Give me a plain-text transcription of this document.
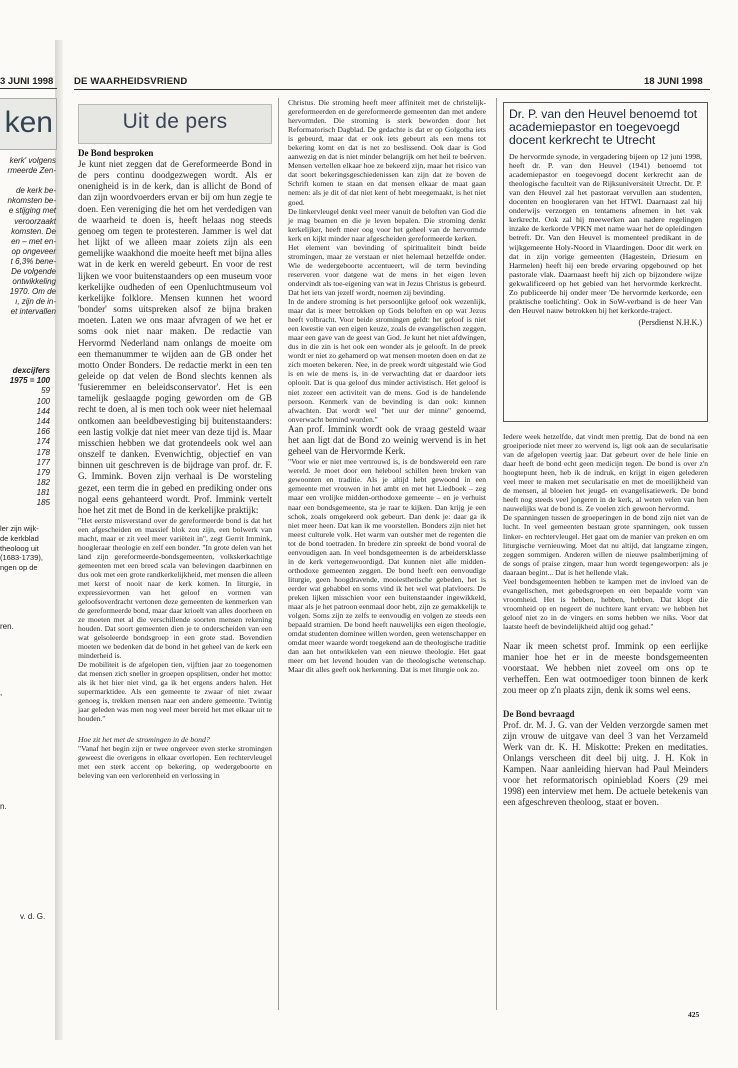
3 JUNI 1998
ken
kerk' volgens
rmeerde Zen-
de kerk be-
nkomsten be-
e stijging met
veroorzaakt
komsten. De
en – met en-
op ongeveer
t 6,3% bene-
De volgende
ontwikkeling
1970. Om de
ı, zijn de in-
et intervallen
dexcijfers
1975 = 100
59
100
144
144
166
174
178
177
179
182
181
185
ler zijn wijk-
de kerkblad
theoloog uit
(1683-1739),
ngen op de
ren.
,
n.
v. d. G.
DE WAARHEIDSVRIEND	18 JUNI 1998
Uit de pers
De Bond besproken

Je kunt niet zeggen dat de Gereformeerde Bond in de pers continu doodgezwegen wordt. Als er onenigheid is in de kerk, dan is allicht de Bond of dan zijn woordvoerders ervan er bij om hun zegje te doen. Een vereniging die het om het verdedigen van de waarheid te doen is, heeft helaas nog steeds genoeg om tegen te protesteren. Jammer is wel dat het lijkt of we alleen maar zoiets zijn als een gemelijke waakhond die moeite heeft met bijna alles wat in de kerk en wereld gebeurt. En voor de rest lijken we voor buitenstaanders op een museum voor kerkelijke oudheden of een Openluchtmuseum vol kerkelijke folklore. Mensen kunnen het woord 'bonder' soms uitspreken alsof ze bijna braken moeten. Laten we ons maar afvragen of we het er soms ook niet naar maken. De redactie van Hervormd Nederland nam onlangs de moeite om een themanummer te wijden aan de GB onder het motto Onder Bonders. De redactie merkt in een ten geleide op dat velen de Bond slechts kennen als 'fusieremmer en beleidsconservator'. Het is een tamelijk geslaagde poging geworden om de GB recht te doen, al is men toch ook weer niet helemaal ontkomen aan beeldbevestiging bij buitenstaanders: een lastig volkje dat niet meer van deze tijd is. Maar misschien hebben we dat grotendeels ook wel aan onszelf te danken. Evenwichtig, objectief en van binnen uit geschreven is de bijdrage van prof. dr. F. G. Immink. Boven zijn verhaal is De worsteling gezet, een term die in gebed en prediking onder ons nogal eens gehanteerd wordt. Prof. Immink vertelt hoe het zit met de Bond in de kerkelijke praktijk:

"Het eerste misverstand over de gereformeerde bond is dat het een afgescheiden en massief blok zou zijn, een bolwerk van macht, maar er zit veel meer variëteit in", zegt Gerrit Immink, hoogleraar theologie en zelf een bonder. "In grote delen van het land zijn gereformeerde-bondsgemeenten, volkskerkachtige gemeenten met een breed scala van belevingen daarbinnen en dus ook met een grote randkerkelijkheid, met mensen die alleen met kerst of nooit naar de kerk komen. In liturgie, in expressievormen van het geloof en vormen van geloofsoverdracht vertonen deze gemeenten de kenmerken van de gereformeerde bond, maar daar krioelt van alles doorheen en ze moeten met al die verschillende soorten mensen rekening houden. Dat soort gemeenten dien je te onderscheiden van een wat geïsoleerde bondsgroep in een grote stad. Bovendien moeten we bedenken dat de bond in het geheel van de kerk een minderheid is.

De mobiliteit is de afgelopen tien, vijftien jaar zo toegenomen dat mensen zich sneller in groepen opsplitsen, onder het motto: als ik het hier niet vind, ga ik het ergens anders halen. Het supermarktidee. Als een gemeente te zwaar of niet zwaar genoeg is, trekken mensen naar een andere gemeente. Twintig jaar geleden was men nog veel meer bereid het met elkaar uit te houden."

Hoe zit het met de stromingen in de bond?

"Vanaf het begin zijn er twee ongeveer even sterke stromingen geweest die overigens in elkaar overlopen. Een rechtervleugel met een sterk accent op bekering, op wedergeboorte en beleving van een verlorenheid en verlossing in

Christus. Die stroming heeft meer affiniteit met de christelijk-gereformeerden en de gereformeerde gemeenten dan met andere hervormden. Die stroming is sterk beworden door het Reformatorisch Dagblad. De gedachte is dat er op Golgotha iets is gebeurd, maar dat er ook iets gebeurt als een mens tot bekering komt en dat is net zo beslissend. Ook daar is God aanwezig en dat is niet minder belangrijk om het heil te beërven. Mensen vertellen elkaar hoe ze bekeerd zijn, maar het risico van dat soort bekeringsgeschiedenissen kan zijn dat ze boven de Schrift komen te staan en dat mensen elkaar de maat gaan nemen: als je dit of dat niet kent of hebt meegemaakt, is het niet goed.

De linkervleugel denkt veel meer vanuit de beloften van God die je mag beamen en die je leven bepalen. Die stroming denkt kerkelijker, heeft meer oog voor het geheel van de hervormde kerk en kijkt minder naar afgescheiden gereformeerde kerken.

Het element van bevinding of spiritualiteit bindt beide stromingen, maar ze verstaan er niet helemaal hetzelfde onder. Wie de wedergeboorte accentueert, wil de term bevinding reserveren voor datgene wat de mens in het eigen leven ondervindt als toe-eigening van wat in Jezus Christus is gebeurd. Dat het iets van jezelf wordt, noemen zij bevinding.

In de andere stroming is het persoonlijke geloof ook wezenlijk, maar dat is meer betrokken op Gods beloften en op wat Jezus heeft volbracht. Voor beide stromingen geldt: het geloof is niet een kwestie van een eigen keuze, zoals de evangelischen zeggen, maar een gave van de geest van God. Je kunt het niet afdwingen, dus in die zin is het ook een wonder als je gelooft. In de preek wordt er niet zo gehamerd op wat mensen moeten doen en dat ze zich moeten bekeren. Nee, in de preek wordt uitgestald wie God is en wie de mens is, in de verwachting dat er daardoor iets oplooit. Dat is qua geloof dus minder activistisch. Het geloof is niet zozeer een activiteit van de mens. God is de handelende persoon. Kenmerk van de bevinding is dan ook: kunnen afwachten. Dat wordt wel "het uur der minne" genoemd, onverwacht bemind worden."

Aan prof. Immink wordt ook de vraag gesteld waar het aan ligt dat de Bond zo weinig wervend is in het geheel van de Hervormde Kerk.

"Voor wie er niet mee vertrouwd is, is de bondswereld een rare wereld. Je moet door een helebool schillen heen breken van gewoonten en traditie. Als je altijd hebt gewoond in een gemeente met vrouwen in het ambt en met het Liedboek – zeg maar een vrolijke midden-orthodoxe gemeente – en je verhuist naar een bondsgemeente, sta je raar te kijken. Dan krijg je een schok, zoals omgekeerd ook gebeurt. Dan denk je: daar ga ik niet meer heen. Dat kan ik me voorstellen. Bonders zijn niet het meest culturele volk. Het warm van outsher met de regenten die tot de bond toetraden. In bredere zin spreekt de bond vooral de eenvoudigen aan. In veel bondsgemeenten is de arbeidersklasse in de kerk vertegenwoordigd. Dat kunnen niet alle midden-orthodoxe gemeenten zeggen. De bond heeft een eenvoudige liturgie, geen hoogdravende, mooiesthetische gebeden, het is eerder wat gehabbel en soms vind ik het wel wat platvloers. De preken lijken misschien voor een buitenstaander ingewikkeld, maar als je het patroon eenmaal door hebt, zijn ze gemakkelijk te volgen. Soms zijn ze zelfs te eenvoudig en volgen ze steeds een bepaald stramien. De bond heeft nauwelijks een eigen theologie, omdat studenten dominee willen worden, geen wetenschapper en omdat meer waarde wordt toegekend aan de theologische traditie dan aan het ontwikkelen van een nieuwe theologie. Het gaat meer om het levend houden van de theologische wetenschap. Maar dit alles geeft ook herkenning. Dat is met liturgie ook zo.

Dr. P. van den Heuvel benoemd tot academiepastor en toegevoegd docent kerkrecht te Utrecht

De hervormde synode, in vergadering bijeen op 12 juni 1998, heeft dr. P. van den Heuvel (1941) benoemd tot academiepastor en toegevoegd docent kerkrecht aan de theologische faculteit van de Rijksuniversiteit Utrecht. Dr. P. van den Heuvel zal het pastoraat vervullen aan studenten, docenten en hoogleraren van het HTWI. Daarnaast zal hij onderwijs verzorgen en tentamens afnemen in het vak kerkrecht. Ook zal hij meewerken aan nadere regelingen inzake de kerkorde VPKN met name waar het de opleidingen betreft. Dr. Van den Heuvel is momenteel predikant in de wijkgemeente Holy-Noord in Vlaardingen. Door dit werk en dat in zijn vorige gemeenten (Hagestein, Driesum en Harmelen) heeft hij een brede ervaring opgebouwd op het pastorale vlak. Daarnaast heeft hij zich op bijzondere wijze gekwalificeerd op het gebied van het hervormde kerkrecht. Zo publiceerde hij onder meer 'De hervormde kerkorde, een praktische toelichting'. Ook in SoW-verband is de heer Van den Heuvel nauw betrokken bij het kerkorde-traject.

(Persdienst N.H.K.)

Iedere week hetzelfde, dat vindt men prettig. Dat de bond na een groeiperiode niet meer zo wervend is, ligt ook aan de secularisatie van de afgelopen veertig jaar. Dat gebeurt over de hele linie en daar heeft de bond echt geen medicijn tegen. De bond is over z'n hoogtepunt heen, heb ik de indruk, en krijgt in eigen gelederen veel meer te maken met secularisatie en met de moeilijkheid van de mensen, al bloeien het jeugd- en evangelisatiewerk. De bond heeft nog steeds veel jongeren in de kerk, al weten velen van hen nauwelijks wat de bond is. Ze voelen zich gewoon hervormd.

De spanningen tussen de groeperingen in de bond zijn niet van de lucht. In veel gemeenten bestaan grote spanningen, ook tussen linker- en rechtervleugel. Het gaat om de manier van preken en om liturgische vernieuwing. Moet dat nu altijd, dat langzame zingen, zeggen sommigen. Anderen willen de nieuwe psalmberijming of de songs of praise zingen, maar hun wordt tegengeworpen: als je daaraan begint... Dat is het hellende vlak.

Veel bondsgemeenten hebben te kampen met de invloed van de evangelischen, met gebedsgroepen en een bepaalde vorm van vroomheid. Het is hebben, hebben, hebben. Dat klopt die vroomheid op en negeert de nuchtere kant ervan: we hebben het geloof niet zo in de vingers en soms hebben we niks. Voor dat laatste heeft de bevindelijkheid altijd oog gehad."

Naar ik meen schetst prof. Immink op een eerlijke manier hoe het er in de meeste bondsgemeenten voorstaat. We hebben niet zoveel om ons op te verheffen. Een wat ootmoediger toon binnen de kerk zou meer op z'n plaats zijn, denk ik soms wel eens.

De Bond bevraagd

Prof. dr. M. J. G. van der Velden verzorgde samen met zijn vrouw de uitgave van deel 3 van het Verzameld Werk van dr. K. H. Miskotte: Preken en meditaties. Onlangs verscheen dit deel bij uitg. J. H. Kok in Kampen. Naar aanleiding hiervan had Paul Meinders voor het reformatorisch opinieblad Koers (29 mei 1998) een interview met hem. De actuele betekenis van een afgeschreven theoloog, staat er boven.

425
